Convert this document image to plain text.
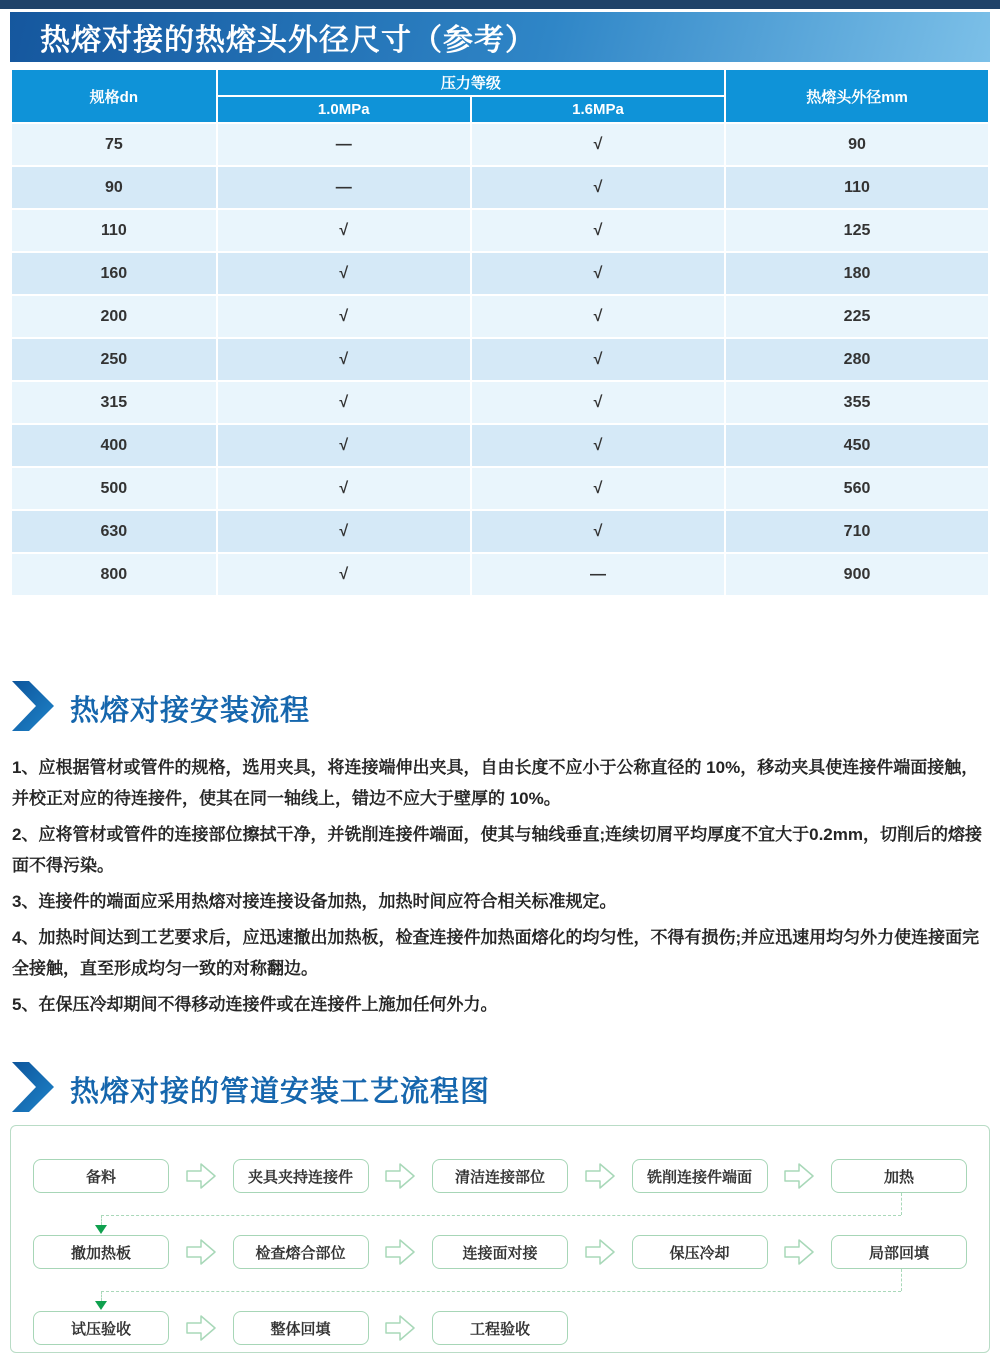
热熔对接的热熔头外径尺寸（参考）
规格dn	压力等级		热熔头外径mm
	1.0MPa	1.6MPa	
75	—	√	90
90	—	√	110
110	√	√	125
160	√	√	180
200	√	√	225
250	√	√	280
315	√	√	355
400	√	√	450
500	√	√	560
630	√	√	710
800	√	—	900
热熔对接安装流程

1、应根据管材或管件的规格，选用夹具，将连接端伸出夹具，自由长度不应小于公称直径的 10%，移动夹具使连接件端面接触，并校正对应的待连接件，使其在同一轴线上，错边不应大于壁厚的 10%。

2、应将管材或管件的连接部位擦拭干净，并铣削连接件端面，使其与轴线垂直;连续切屑平均厚度不宜大于0.2mm，切削后的熔接面不得污染。

3、连接件的端面应采用热熔对接连接设备加热，加热时间应符合相关标准规定。

4、加热时间达到工艺要求后，应迅速撤出加热板，检查连接件加热面熔化的均匀性，不得有损伤;并应迅速用均匀外力使连接面完全接触，直至形成均匀一致的对称翻边。

5、在保压冷却期间不得移动连接件或在连接件上施加任何外力。

热熔对接的管道安装工艺流程图
备料	夹具夹持连接件	清洁连接部位	铣削连接件端面	加热
撤加热板	检查熔合部位	连接面对接	保压冷却	局部回填
试压验收	整体回填	工程验收
